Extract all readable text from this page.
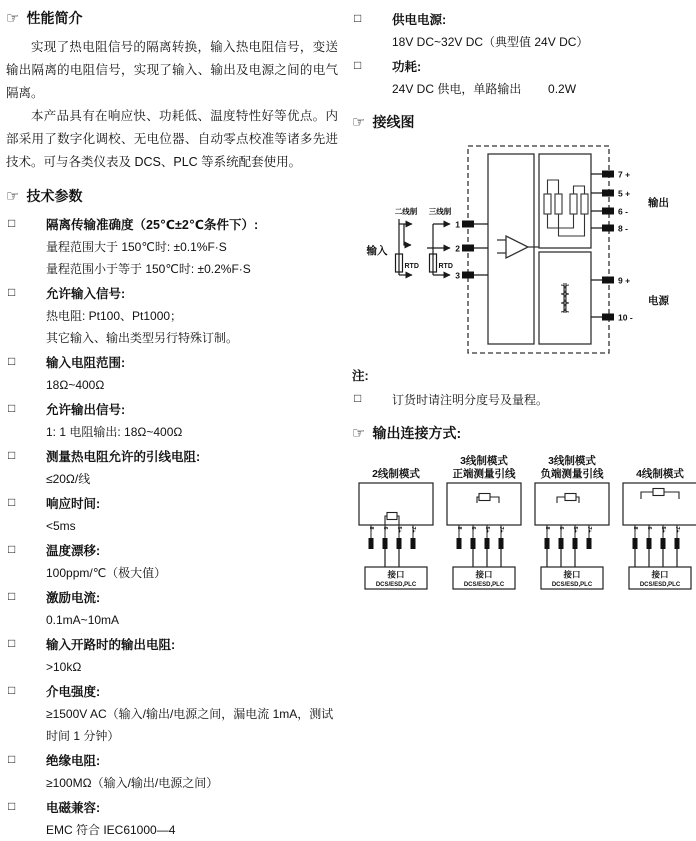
☞ 性能简介

实现了热电阻信号的隔离转换，输入热电阻信号，变送输出隔离的电阻信号，实现了输入、输出及电源之间的电气隔离。

本产品具有在响应快、功耗低、温度特性好等优点。内部采用了数字化调校、无电位器、自动零点校准等诸多先进技术。可与各类仪表及 DCS、PLC 等系统配套使用。

☞ 技术参数
□ 隔离传输准确度（25℃±2℃条件下）:
量程范围大于 150℃时: ±0.1%F·S
量程范围小于等于 150℃时: ±0.2%F·S
□ 允许输入信号:
热电阻: Pt100、Pt1000；
其它输入、输出类型另行特殊订制。
□ 输入电阻范围:
18Ω~400Ω
□ 允许输出信号:
1: 1 电阻输出: 18Ω~400Ω
□ 测量热电阻允许的引线电阻:
≤20Ω/线
□ 响应时间:
<5ms
□ 温度漂移:
100ppm/℃（极大值）
□ 激励电流:
0.1mA~10mA
□ 输入开路时的输出电阻:
>10kΩ
□ 介电强度:
≥1500V AC（输入/输出/电源之间，漏电流 1mA，测试时间 1 分钟）
□ 绝缘电阻:
≥100MΩ（输入/输出/电源之间）
□ 电磁兼容:
EMC 符合 IEC61000—4
□ 供电电源:
18V DC~32V DC（典型值 24V DC）
□ 功耗:
24V DC 供电，单路输出        0.2W
☞ 接线图
二线制
RTD
三线制
RTD
输入
1
2
3
7 +
5 +
6 -
8 -
9 +
10 -
输出
电源
注:
□	订货时请注明分度号及量程。
☞ 输出连接方式:
2线制模式
8- 6- 5+ 7+
接口
DCS/ESD,PLC
3线制模式
正端测量引线
8- 6- 5+ 7+
接口
DCS/ESD,PLC
3线制模式
负端测量引线
8- 6- 5+ 7+
接口
DCS/ESD,PLC
4线制模式
8- 6- 5+ 7+
接口
DCS/ESD,PLC
